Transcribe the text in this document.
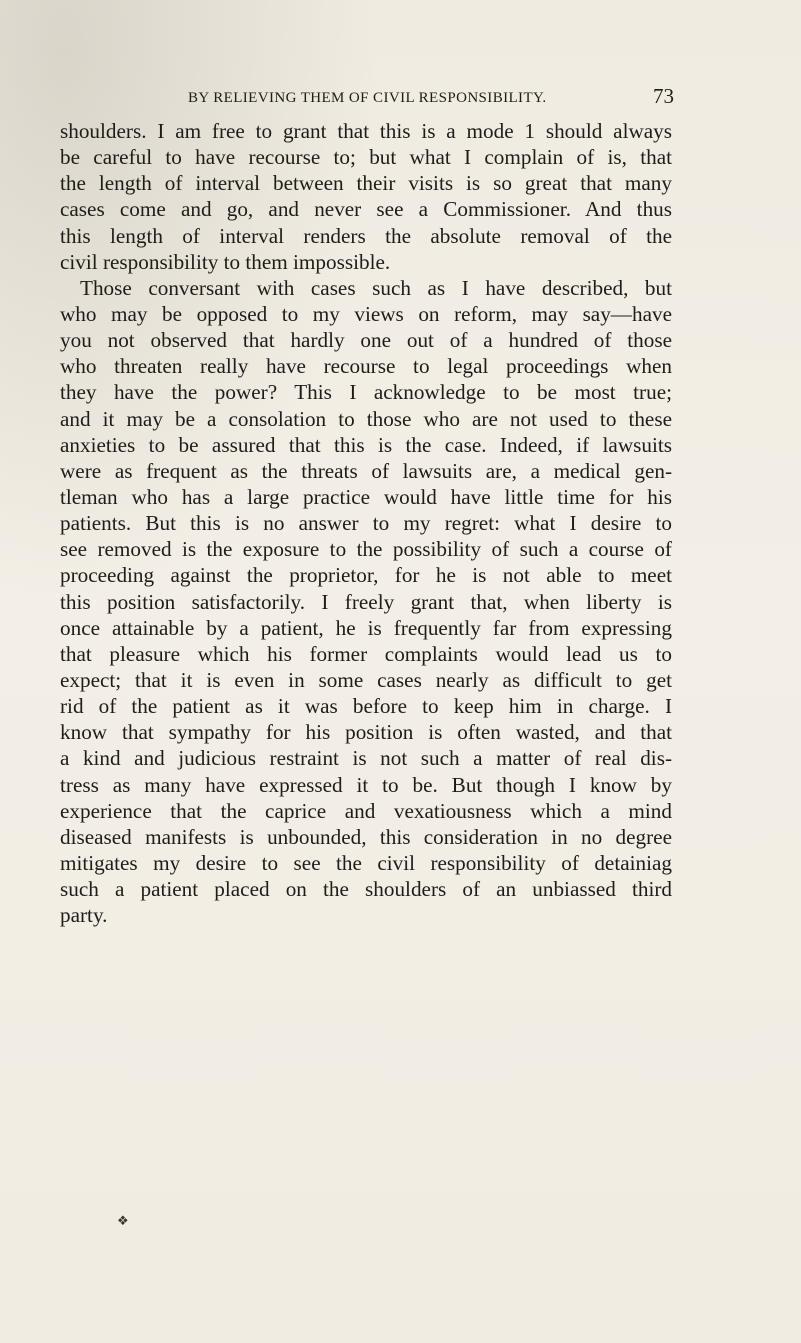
BY RELIEVING THEM OF CIVIL RESPONSIBILITY.	73
shoulders. I am free to grant that this is a mode 1 should always
be careful to have recourse to; but what I complain of is, that
the length of interval between their visits is so great that many
cases come and go, and never see a Commissioner. And thus
this length of interval renders the absolute removal of the
civil responsibility to them impossible.
Those conversant with cases such as I have described, but
who may be opposed to my views on reform, may say—have
you not observed that hardly one out of a hundred of those
who threaten really have recourse to legal proceedings when
they have the power? This I acknowledge to be most true;
and it may be a consolation to those who are not used to these
anxieties to be assured that this is the case. Indeed, if lawsuits
were as frequent as the threats of lawsuits are, a medical gen-
tleman who has a large practice would have little time for his
patients. But this is no answer to my regret: what I desire to
see removed is the exposure to the possibility of such a course of
proceeding against the proprietor, for he is not able to meet
this position satisfactorily. I freely grant that, when liberty is
once attainable by a patient, he is frequently far from expressing
that pleasure which his former complaints would lead us to
expect; that it is even in some cases nearly as difficult to get
rid of the patient as it was before to keep him in charge. I
know that sympathy for his position is often wasted, and that
a kind and judicious restraint is not such a matter of real dis-
tress as many have expressed it to be. But though I know by
experience that the caprice and vexatiousness which a mind
diseased manifests is unbounded, this consideration in no degree
mitigates my desire to see the civil responsibility of detainiag
such a patient placed on the shoulders of an unbiassed third
party.
❖
